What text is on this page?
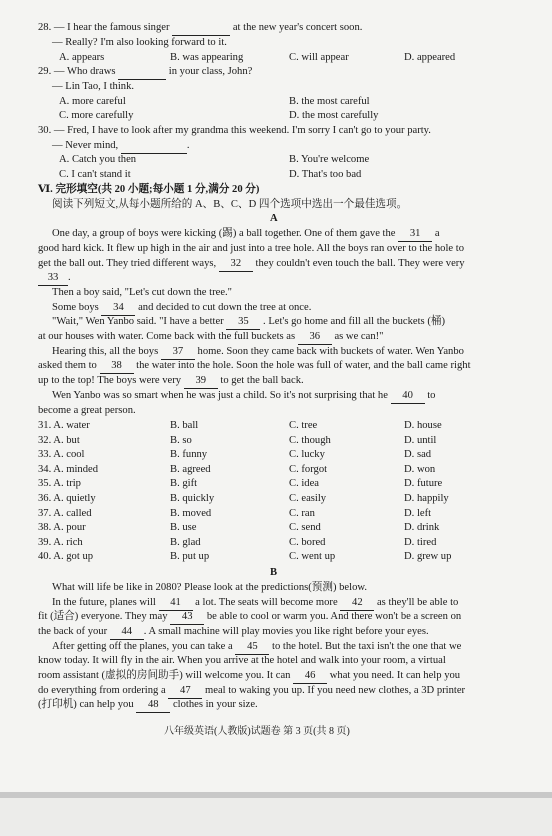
28. — I hear the famous singer	at the new year's concert soon.
— Really? I'm also looking forward to it.
A. appears	B. was appearing	C. will appear	D. appeared
29. — Who draws	in your class, John?
— Lin Tao, I think.
A. more careful	B. the most careful
C. more carefully	D. the most carefully
30. — Fred, I have to look after my grandma this weekend. I'm sorry I can't go to your party.
— Never mind,	.
A. Catch you then	B. You're welcome
C. I can't stand it	D. That's too bad
Ⅵ. 完形填空(共 20 小题;每小题 1 分,满分 20 分)
阅读下列短文,从每小题所给的 A、B、C、D 四个选项中选出一个最佳选项。
A
One day, a group of boys were kicking (踢) a ball together. One of them gave the 31 a
good hard kick. It flew up high in the air and just into a tree hole. All the boys ran over to the hole to
get the ball out. They tried different ways, 32 they couldn't even touch the ball. They were very
33 .
Then a boy said, "Let's cut down the tree."
Some boys 34 and decided to cut down the tree at once.
"Wait," Wen Yanbo said. "I have a better 35 . Let's go home and fill all the buckets (桶)
at our houses with water. Come back with the full buckets as 36 as we can!"
Hearing this, all the boys 37 home. Soon they came back with buckets of water. Wen Yanbo
asked them to 38 the water into the hole. Soon the hole was full of water, and the ball came right
up to the top! The boys were very 39 to get the ball back.
Wen Yanbo was so smart when he was just a child. So it's not surprising that he 40 to
become a great person.
31. A. water	B. ball	C. tree	D. house
32. A. but	B. so	C. though	D. until
33. A. cool	B. funny	C. lucky	D. sad
34. A. minded	B. agreed	C. forgot	D. won
35. A. trip	B. gift	C. idea	D. future
36. A. quietly	B. quickly	C. easily	D. happily
37. A. called	B. moved	C. ran	D. left
38. A. pour	B. use	C. send	D. drink
39. A. rich	B. glad	C. bored	D. tired
40. A. got up	B. put up	C. went up	D. grew up
B
What will life be like in 2080? Please look at the predictions(预测) below.
In the future, planes will 41 a lot. The seats will become more 42 as they'll be able to
fit (适合) everyone. They may 43 be able to cool or warm you. And there won't be a screen on
the back of your 44 . A small machine will play movies you like right before your eyes.
After getting off the planes, you can take a 45 to the hotel. But the taxi isn't the one that we
know today. It will fly in the air. When you arrive at the hotel and walk into your room, a virtual
room assistant (虚拟的房间助手) will welcome you. It can 46 what you need. It can help you
do everything from ordering a 47 meal to waking you up. If you need new clothes, a 3D printer
(打印机) can help you 48 clothes in your size.
八年级英语(人教版)试题卷 第 3 页(共 8 页)
